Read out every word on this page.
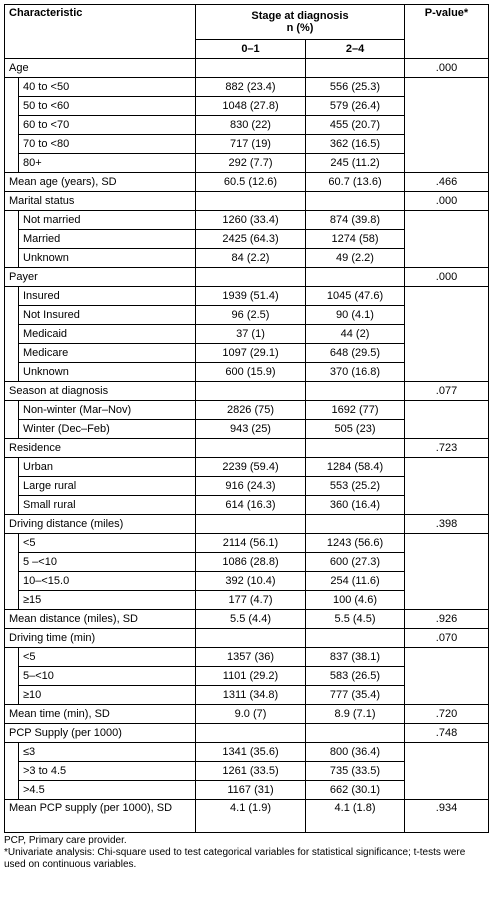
Characteristic		Stage at diagnosis
n (%)		P-value*
		0–1	2–4	
Age				.000
	40 to <50	882 (23.4)	556 (25.3)	
	50 to <60	1048 (27.8)	579 (26.4)	
	60 to <70	830 (22)	455 (20.7)	
	70 to <80	717 (19)	362 (16.5)	
	80+	292 (7.7)	245 (11.2)	
Mean age (years), SD		60.5 (12.6)	60.7 (13.6)	.466
Marital status				.000
	Not married	1260 (33.4)	874 (39.8)	
	Married	2425 (64.3)	1274 (58)	
	Unknown	84 (2.2)	49 (2.2)	
Payer				.000
	Insured	1939 (51.4)	1045 (47.6)	
	Not Insured	96 (2.5)	90 (4.1)	
	Medicaid	37 (1)	44 (2)	
	Medicare	1097 (29.1)	648 (29.5)	
	Unknown	600 (15.9)	370 (16.8)	
Season at diagnosis				.077
	Non-winter (Mar–Nov)	2826 (75)	1692 (77)	
	Winter (Dec–Feb)	943 (25)	505 (23)	
Residence				.723
	Urban	2239 (59.4)	1284 (58.4)	
	Large rural	916 (24.3)	553 (25.2)	
	Small rural	614 (16.3)	360 (16.4)	
Driving distance (miles)				.398
	<5	2114 (56.1)	1243 (56.6)	
	5 –<10	1086 (28.8)	600 (27.3)	
	10–<15.0	392 (10.4)	254 (11.6)	
	≥15	177 (4.7)	100 (4.6)	
Mean distance (miles), SD		5.5 (4.4)	5.5 (4.5)	.926
Driving time (min)				.070
	<5	1357 (36)	837 (38.1)	
	5–<10	1101 (29.2)	583 (26.5)	
	≥10	1311 (34.8)	777 (35.4)	
Mean time (min), SD		9.0 (7)	8.9 (7.1)	.720
PCP Supply (per 1000)				.748
	≤3	1341 (35.6)	800 (36.4)	
	>3 to 4.5	1261 (33.5)	735 (33.5)	
	>4.5	1167 (31)	662 (30.1)	
Mean PCP supply (per 1000), SD		4.1 (1.9)	4.1 (1.8)	.934
PCP, Primary care provider.
*Univariate analysis: Chi-square used to test categorical variables for statistical significance; t-tests were used on continuous variables.
